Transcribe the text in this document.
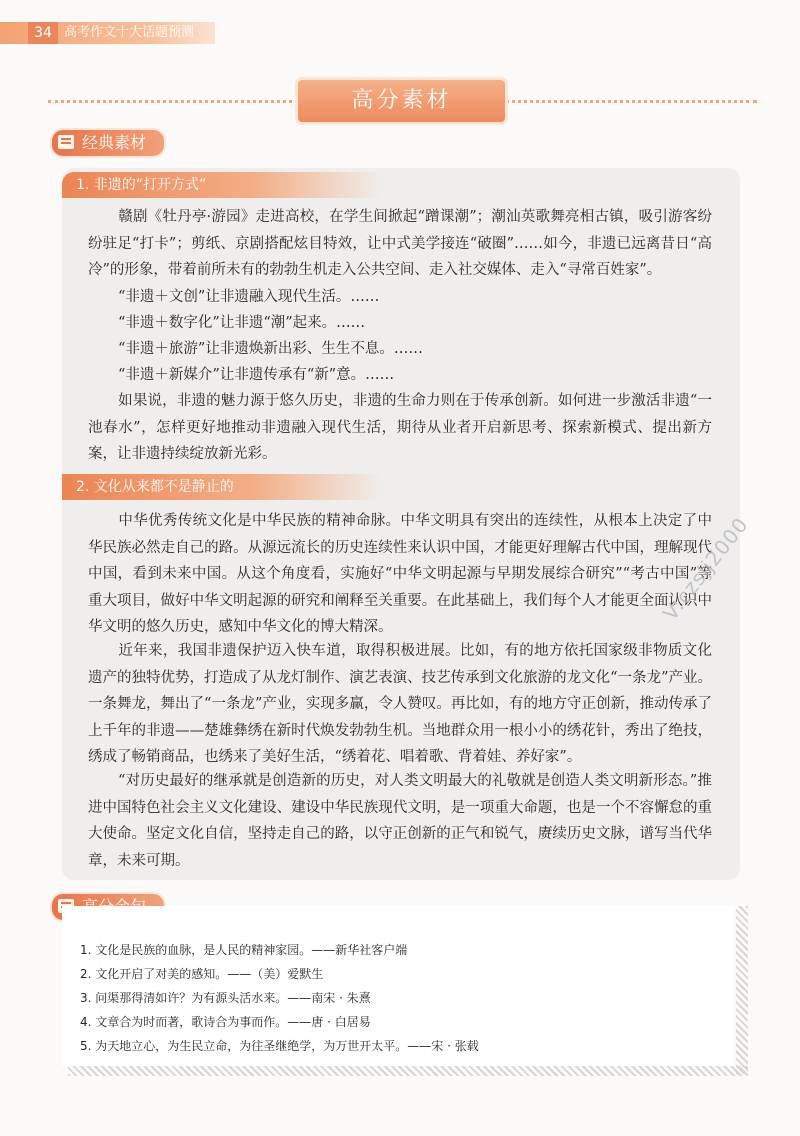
34 高考作文十大话题预测
高分素材
经典素材
1. 非遗的“打开方式”

赣剧《牡丹亭·游园》走进高校，在学生间掀起“蹭课潮”；潮汕英歌舞亮相古镇，吸引游客纷纷驻足“打卡”；剪纸、京剧搭配炫目特效，让中式美学接连“破圈”……如今，非遗已远离昔日“高冷”的形象，带着前所未有的勃勃生机走入公共空间、走入社交媒体、走入“寻常百姓家”。

“非遗＋文创”让非遗融入现代生活。……

“非遗＋数字化”让非遗“潮”起来。……

“非遗＋旅游”让非遗焕新出彩、生生不息。……

“非遗＋新媒介”让非遗传承有“新”意。……

如果说，非遗的魅力源于悠久历史，非遗的生命力则在于传承创新。如何进一步激活非遗“一池春水”，怎样更好地推动非遗融入现代生活，期待从业者开启新思考、探索新模式、提出新方案，让非遗持续绽放新光彩。

2. 文化从来都不是静止的

中华优秀传统文化是中华民族的精神命脉。中华文明具有突出的连续性，从根本上决定了中华民族必然走自己的路。从源远流长的历史连续性来认识中国，才能更好理解古代中国，理解现代中国，看到未来中国。从这个角度看，实施好“中华文明起源与早期发展综合研究”“考古中国”等重大项目，做好中华文明起源的研究和阐释至关重要。在此基础上，我们每个人才能更全面认识中华文明的悠久历史，感知中华文化的博大精深。

近年来，我国非遗保护迈入快车道，取得积极进展。比如，有的地方依托国家级非物质文化遗产的独特优势，打造成了从龙灯制作、演艺表演、技艺传承到文化旅游的龙文化“一条龙”产业。一条舞龙，舞出了“一条龙”产业，实现多赢，令人赞叹。再比如，有的地方守正创新，推动传承了上千年的非遗——楚雄彝绣在新时代焕发勃勃生机。当地群众用一根小小的绣花针，秀出了绝技，绣成了畅销商品，也绣来了美好生活，“绣着花、唱着歌、背着娃、养好家”。

“对历史最好的继承就是创造新的历史，对人类文明最大的礼敬就是创造人类文明新形态。”推进中国特色社会主义文化建设、建设中华民族现代文明，是一项重大命题，也是一个不容懈怠的重大使命。坚定文化自信，坚持走自己的路，以守正创新的正气和锐气，赓续历史文脉，谱写当代华章，未来可期。

V:czsjj2000
1. 文化是民族的血脉，是人民的精神家园。——新华社客户端
2. 文化开启了对美的感知。——（美）爱默生
3. 问渠那得清如许？为有源头活水来。——南宋 · 朱熹
4. 文章合为时而著，歌诗合为事而作。——唐 · 白居易
5. 为天地立心，为生民立命，为往圣继绝学，为万世开太平。——宋 · 张载
